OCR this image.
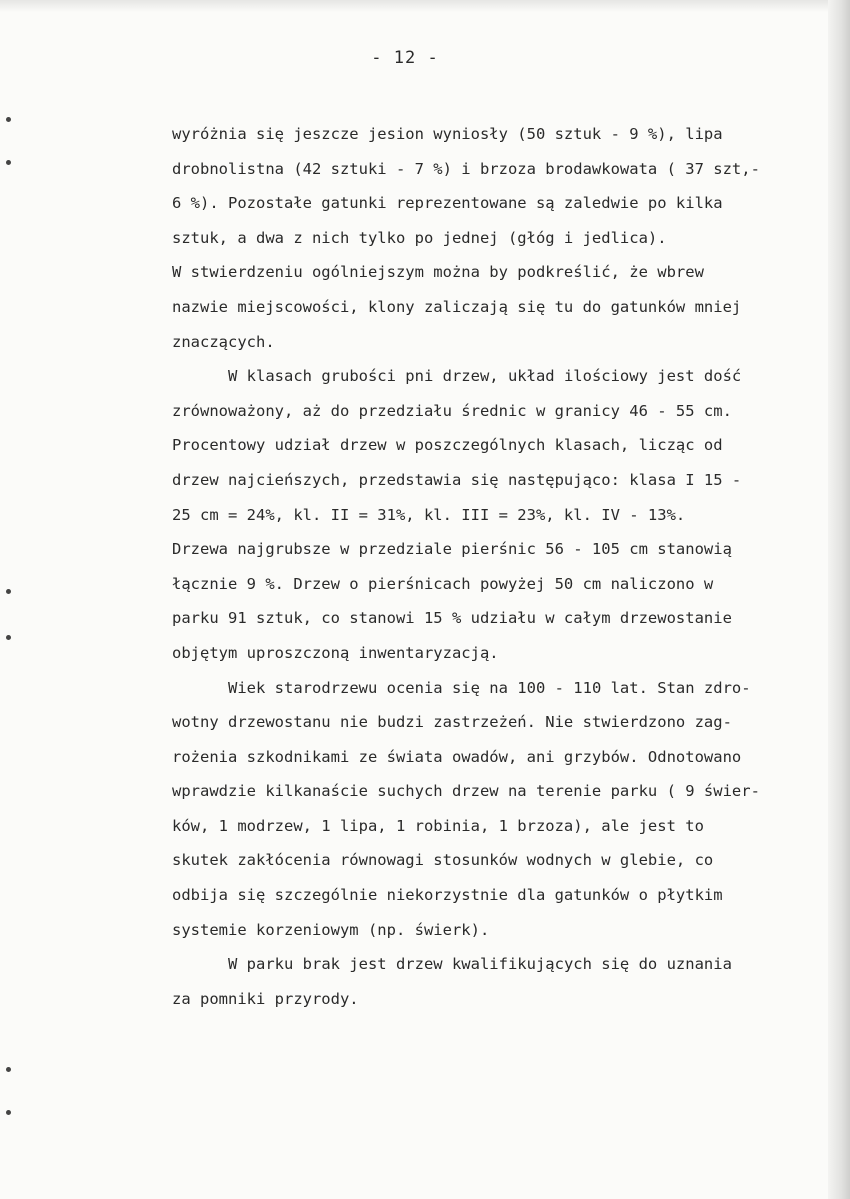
- 12 -
wyróżnia się jeszcze jesion wyniosły (50 sztuk - 9 %), lipa
drobnolistna (42 sztuki - 7 %) i brzoza brodawkowata ( 37 szt,-
6 %). Pozostałe gatunki reprezentowane są zaledwie po kilka
sztuk, a dwa z nich tylko po jednej (głóg i jedlica).
W stwierdzeniu ogólniejszym można by podkreślić, że wbrew
nazwie miejscowości, klony zaliczają się tu do gatunków mniej
znaczących.
W klasach grubości pni drzew, układ ilościowy jest dość
zrównoważony, aż do przedziału średnic w granicy 46 - 55 cm.
Procentowy udział drzew w poszczególnych klasach, licząc od
drzew najcieńszych, przedstawia się następująco: klasa I 15 -
25 cm = 24%, kl. II = 31%, kl. III = 23%, kl. IV - 13%.
Drzewa najgrubsze w przedziale pierśnic 56 - 105 cm stanowią
łącznie 9 %. Drzew o pierśnicach powyżej 50 cm naliczono w
parku 91 sztuk, co stanowi 15 % udziału w całym drzewostanie
objętym uproszczoną inwentaryzacją.
Wiek starodrzewu ocenia się na 100 - 110 lat. Stan zdro-
wotny drzewostanu nie budzi zastrzeżeń. Nie stwierdzono zag-
rożenia szkodnikami ze świata owadów, ani grzybów. Odnotowano
wprawdzie kilkanaście suchych drzew na terenie parku ( 9 świer-
ków, 1 modrzew, 1 lipa, 1 robinia, 1 brzoza), ale jest to
skutek zakłócenia równowagi stosunków wodnych w glebie, co
odbija się szczególnie niekorzystnie dla gatunków o płytkim
systemie korzeniowym (np. świerk).
W parku brak jest drzew kwalifikujących się do uznania
za pomniki przyrody.
